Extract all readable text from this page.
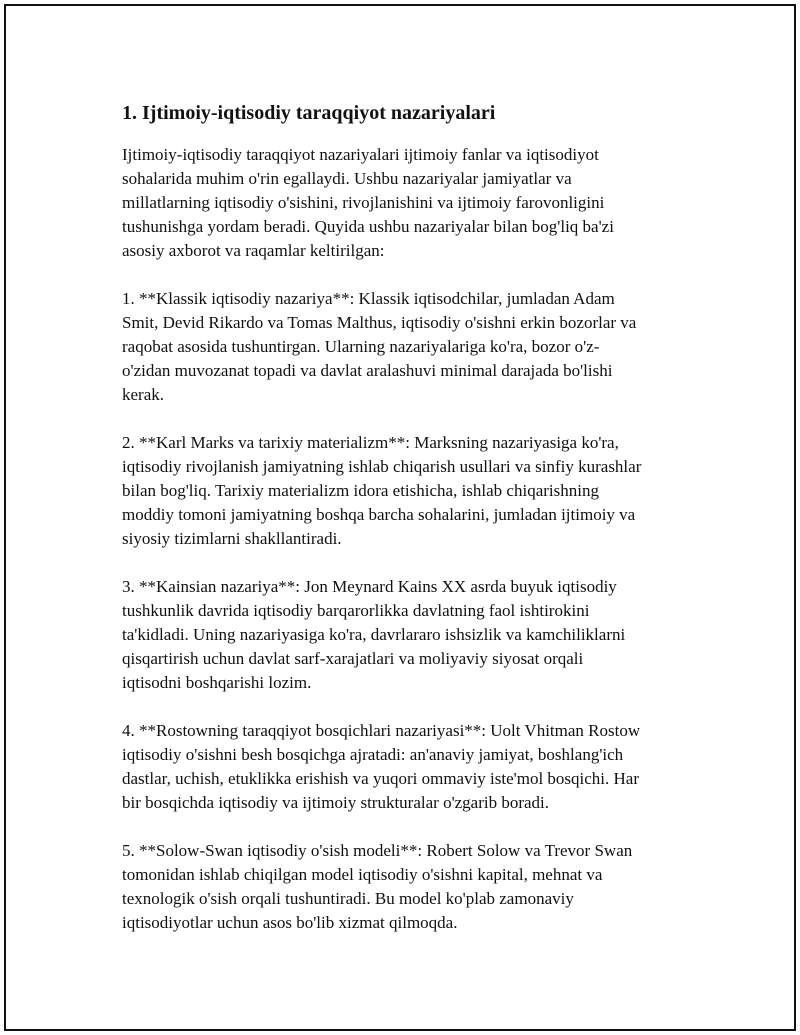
1. Ijtimoiy-iqtisodiy taraqqiyot nazariyalari

Ijtimoiy-iqtisodiy taraqqiyot nazariyalari ijtimoiy fanlar va iqtisodiyot
sohalarida muhim o'rin egallaydi. Ushbu nazariyalar jamiyatlar va
millatlarning iqtisodiy o'sishini, rivojlanishini va ijtimoiy farovonligini
tushunishga yordam beradi. Quyida ushbu nazariyalar bilan bog'liq ba'zi
asosiy axborot va raqamlar keltirilgan:

1. **Klassik iqtisodiy nazariya**: Klassik iqtisodchilar, jumladan Adam
Smit, Devid Rikardo va Tomas Malthus, iqtisodiy o'sishni erkin bozorlar va
raqobat asosida tushuntirgan. Ularning nazariyalariga ko'ra, bozor o'z-
o'zidan muvozanat topadi va davlat aralashuvi minimal darajada bo'lishi
kerak.

2. **Karl Marks va tarixiy materializm**: Marksning nazariyasiga ko'ra,
iqtisodiy rivojlanish jamiyatning ishlab chiqarish usullari va sinfiy kurashlar
bilan bog'liq. Tarixiy materializm idora etishicha, ishlab chiqarishning
moddiy tomoni jamiyatning boshqa barcha sohalarini, jumladan ijtimoiy va
siyosiy tizimlarni shakllantiradi.

3. **Kainsian nazariya**: Jon Meynard Kains XX asrda buyuk iqtisodiy
tushkunlik davrida iqtisodiy barqarorlikka davlatning faol ishtirokini
ta'kidladi. Uning nazariyasiga ko'ra, davrlararo ishsizlik va kamchiliklarni
qisqartirish uchun davlat sarf-xarajatlari va moliyaviy siyosat orqali
iqtisodni boshqarishi lozim.

4. **Rostowning taraqqiyot bosqichlari nazariyasi**: Uolt Vhitman Rostow
iqtisodiy o'sishni besh bosqichga ajratadi: an'anaviy jamiyat, boshlang'ich
dastlar, uchish, etuklikka erishish va yuqori ommaviy iste'mol bosqichi. Har
bir bosqichda iqtisodiy va ijtimoiy strukturalar o'zgarib boradi.

5. **Solow-Swan iqtisodiy o'sish modeli**: Robert Solow va Trevor Swan
tomonidan ishlab chiqilgan model iqtisodiy o'sishni kapital, mehnat va
texnologik o'sish orqali tushuntiradi. Bu model ko'plab zamonaviy
iqtisodiyotlar uchun asos bo'lib xizmat qilmoqda.
